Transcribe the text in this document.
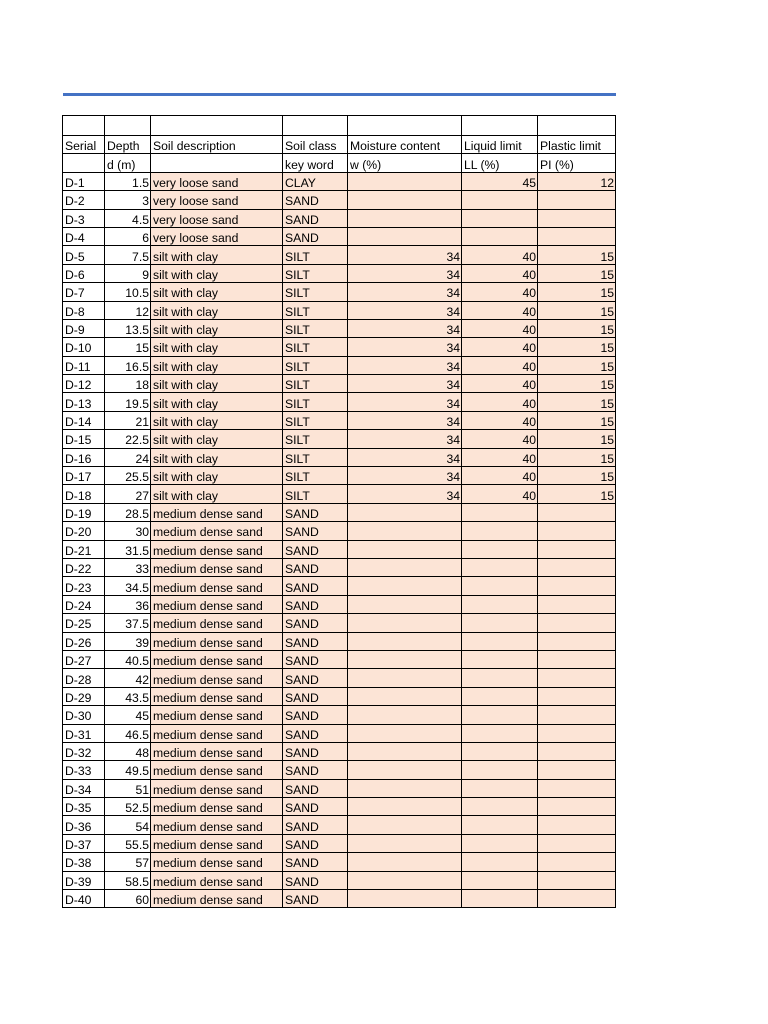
Serial	Depth	Soil description	Soil class	Moisture content	Liquid limit	Plastic limit
	d (m)		key word	w (%)	LL (%)	PI (%)
D-1	1.5	very loose sand	CLAY		45	12
D-2	3	very loose sand	SAND			
D-3	4.5	very loose sand	SAND			
D-4	6	very loose sand	SAND			
D-5	7.5	silt with clay	SILT	34	40	15
D-6	9	silt with clay	SILT	34	40	15
D-7	10.5	silt with clay	SILT	34	40	15
D-8	12	silt with clay	SILT	34	40	15
D-9	13.5	silt with clay	SILT	34	40	15
D-10	15	silt with clay	SILT	34	40	15
D-11	16.5	silt with clay	SILT	34	40	15
D-12	18	silt with clay	SILT	34	40	15
D-13	19.5	silt with clay	SILT	34	40	15
D-14	21	silt with clay	SILT	34	40	15
D-15	22.5	silt with clay	SILT	34	40	15
D-16	24	silt with clay	SILT	34	40	15
D-17	25.5	silt with clay	SILT	34	40	15
D-18	27	silt with clay	SILT	34	40	15
D-19	28.5	medium dense sand	SAND			
D-20	30	medium dense sand	SAND			
D-21	31.5	medium dense sand	SAND			
D-22	33	medium dense sand	SAND			
D-23	34.5	medium dense sand	SAND			
D-24	36	medium dense sand	SAND			
D-25	37.5	medium dense sand	SAND			
D-26	39	medium dense sand	SAND			
D-27	40.5	medium dense sand	SAND			
D-28	42	medium dense sand	SAND			
D-29	43.5	medium dense sand	SAND			
D-30	45	medium dense sand	SAND			
D-31	46.5	medium dense sand	SAND			
D-32	48	medium dense sand	SAND			
D-33	49.5	medium dense sand	SAND			
D-34	51	medium dense sand	SAND			
D-35	52.5	medium dense sand	SAND			
D-36	54	medium dense sand	SAND			
D-37	55.5	medium dense sand	SAND			
D-38	57	medium dense sand	SAND			
D-39	58.5	medium dense sand	SAND			
D-40	60	medium dense sand	SAND			
